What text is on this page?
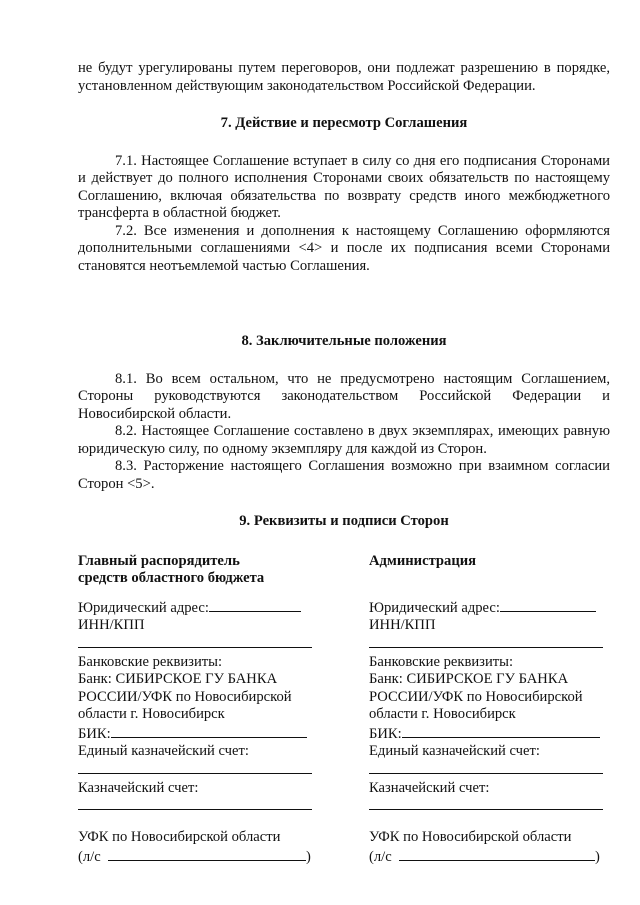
не будут урегулированы путем переговоров, они подлежат разрешению в порядке, установленном действующим законодательством Российской Федерации.

7. Действие и пересмотр Соглашения

7.1. Настоящее Соглашение вступает в силу со дня его подписания Сторонами и действует до полного исполнения Сторонами своих обязательств по настоящему Соглашению, включая обязательства по возврату средств иного межбюджетного трансферта в областной бюджет.

7.2. Все изменения и дополнения к настоящему Соглашению оформляются дополнительными соглашениями <4> и после их подписания всеми Сторонами становятся неотъемлемой частью Соглашения.

8. Заключительные положения

8.1. Во всем остальном, что не предусмотрено настоящим Соглашением, Стороны руководствуются законодательством Российской Федерации и Новосибирской области.

8.2. Настоящее Соглашение составлено в двух экземплярах, имеющих равную юридическую силу, по одному экземпляру для каждой из Сторон.

8.3. Расторжение настоящего Соглашения возможно при взаимном согласии Сторон <5>.

9. Реквизиты и подписи Сторон
Главный распорядитель
средств областного бюджета
Юридический адрес:
ИНН/КПП
Банковские реквизиты:
Банк: СИБИРСКОЕ ГУ БАНКА
РОССИИ/УФК по Новосибирской
области г. Новосибирск
БИК:
Единый казначейский счет:
Казначейский счет:
УФК по Новосибирской области
(л/с	)
Администрация
Юридический адрес:
ИНН/КПП
Банковские реквизиты:
Банк: СИБИРСКОЕ ГУ БАНКА
РОССИИ/УФК по Новосибирской
области г. Новосибирск
БИК:
Единый казначейский счет:
Казначейский счет:
УФК по Новосибирской области
(л/с	)
